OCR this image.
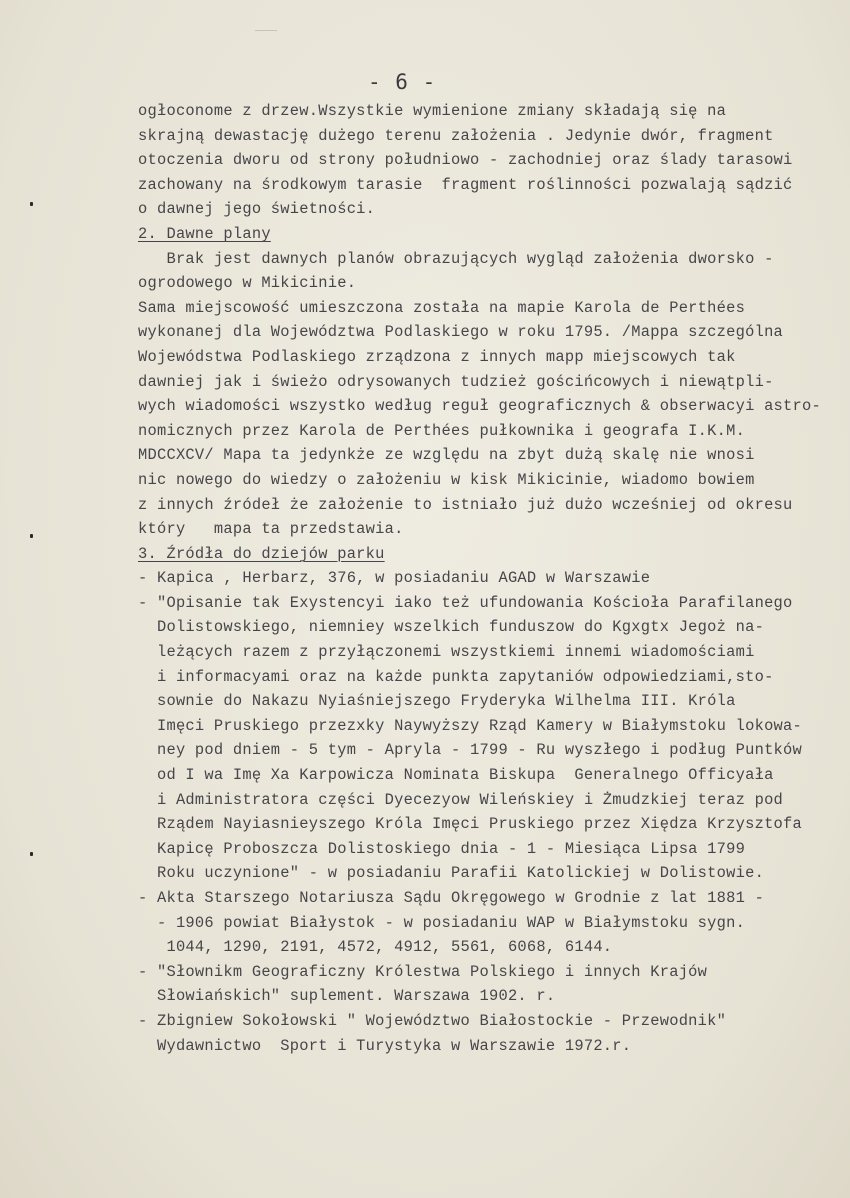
- 6 -
ogłoconome z drzew.Wszystkie wymienione zmiany składają się na
skrajną dewastację dużego terenu założenia . Jedynie dwór, fragment
otoczenia dworu od strony południowo - zachodniej oraz ślady tarasowi
zachowany na środkowym tarasie  fragment roślinności pozwalają sądzić
o dawnej jego świetności.
2. Dawne plany
Brak jest dawnych planów obrazujących wygląd założenia dworsko -
ogrodowego w Mikicinie.
Sama miejscowość umieszczona została na mapie Karola de Perthées
wykonanej dla Województwa Podlaskiego w roku 1795. /Mappa szczególna
Wojewódstwa Podlaskiego zrządzona z innych mapp miejscowych tak
dawniej jak i świeżo odrysowanych tudzież gościńcowych i niewątpli-
wych wiadomości wszystko według reguł geograficznych & obserwacyi astro-
nomicznych przez Karola de Perthées pułkownika i geografa I.K.M.
MDCCXCV/ Mapa ta jedynkże ze względu na zbyt dużą skalę nie wnosi
nic nowego do wiedzy o założeniu w kisk Mikicinie, wiadomo bowiem
z innych źródeł że założenie to istniało już dużo wcześniej od okresu
który   mapa ta przedstawia.
3. Źródła do dziejów parku
- Kapica , Herbarz, 376, w posiadaniu AGAD w Warszawie
- "Opisanie tak Exystencyi iako też ufundowania Kościoła Parafilanego
Dolistowskiego, niemniey wszelkich funduszow do Kgxgtx Jegoż na-
leżących razem z przyłączonemi wszystkiemi innemi wiadomościami
i informacyami oraz na każde punkta zapytaniów odpowiedziami,sto-
sownie do Nakazu Nyiaśniejszego Fryderyka Wilhelma III. Króla
Imęci Pruskiego przezxky Naywyższy Rząd Kamery w Białymstoku lokowa-
ney pod dniem - 5 tym - Apryla - 1799 - Ru wyszłego i podług Puntków
od I wa Imę Xa Karpowicza Nominata Biskupa  Generalnego Officyała
i Administratora części Dyecezyow Wileńskiey i Żmudzkiej teraz pod
Rządem Nayiasnieyszego Króla Imęci Pruskiego przez Xiędza Krzysztofa
Kapicę Proboszcza Dolistoskiego dnia - 1 - Miesiąca Lipsa 1799
Roku uczynione" - w posiadaniu Parafii Katolickiej w Dolistowie.
- Akta Starszego Notariusza Sądu Okręgowego w Grodnie z lat 1881 -
- 1906 powiat Białystok - w posiadaniu WAP w Białymstoku sygn.
1044, 1290, 2191, 4572, 4912, 5561, 6068, 6144.
- "Słownikm Geograficzny Królestwa Polskiego i innych Krajów
Słowiańskich" suplement. Warszawa 1902. r.
- Zbigniew Sokołowski " Województwo Białostockie - Przewodnik"
Wydawnictwo  Sport i Turystyka w Warszawie 1972.r.
